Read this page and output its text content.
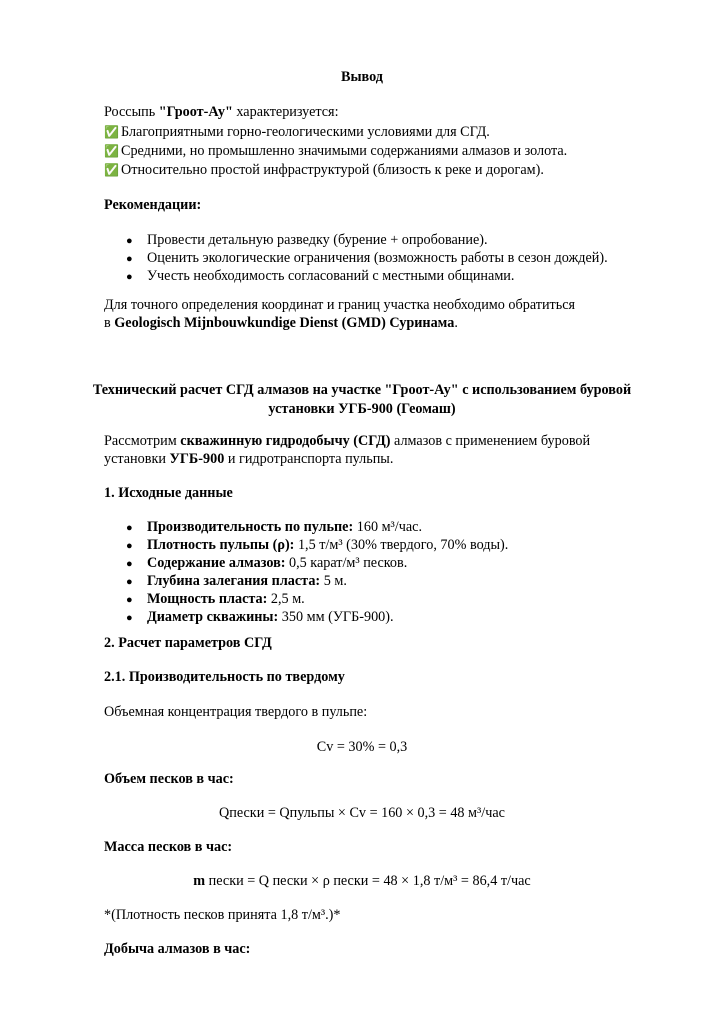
Вывод
Россыпь "Гроот-Ау" характеризуется:
✅ Благоприятными горно-геологическими условиями для СГД.
✅ Средними, но промышленно значимыми содержаниями алмазов и золота.
✅ Относительно простой инфраструктурой (близость к реке и дорогам).
Рекомендации:
● Провести детальную разведку (бурение + опробование).
● Оценить экологические ограничения (возможность работы в сезон дождей).
● Учесть необходимость согласований с местными общинами.
Для точного определения координат и границ участка необходимо обратиться
в Geologisch Mijnbouwkundige Dienst (GMD) Суринама.
Технический расчет СГД алмазов на участке "Гроот-Ау" с использованием буровой
установки УГБ-900 (Геомаш)
Рассмотрим скважинную гидродобычу (СГД) алмазов с применением буровой
установки УГБ-900 и гидротранспорта пульпы.
1. Исходные данные
● Производительность по пульпе: 160 м³/час.
● Плотность пульпы (ρ): 1,5 т/м³ (30% твердого, 70% воды).
● Содержание алмазов: 0,5 карат/м³ песков.
● Глубина залегания пласта: 5 м.
● Мощность пласта: 2,5 м.
● Диаметр скважины: 350 мм (УГБ-900).
2. Расчет параметров СГД
2.1. Производительность по твердому
Объемная концентрация твердого в пульпе:
Cv = 30% = 0,3
Объем песков в час:
Qпески = Qпульпы × Cv = 160 × 0,3 = 48 м³/час
Масса песков в час:
m пески = Q пески × ρ пески = 48 × 1,8 т/м³ = 86,4 т/час
*(Плотность песков принята 1,8 т/м³.)*
Добыча алмазов в час:
